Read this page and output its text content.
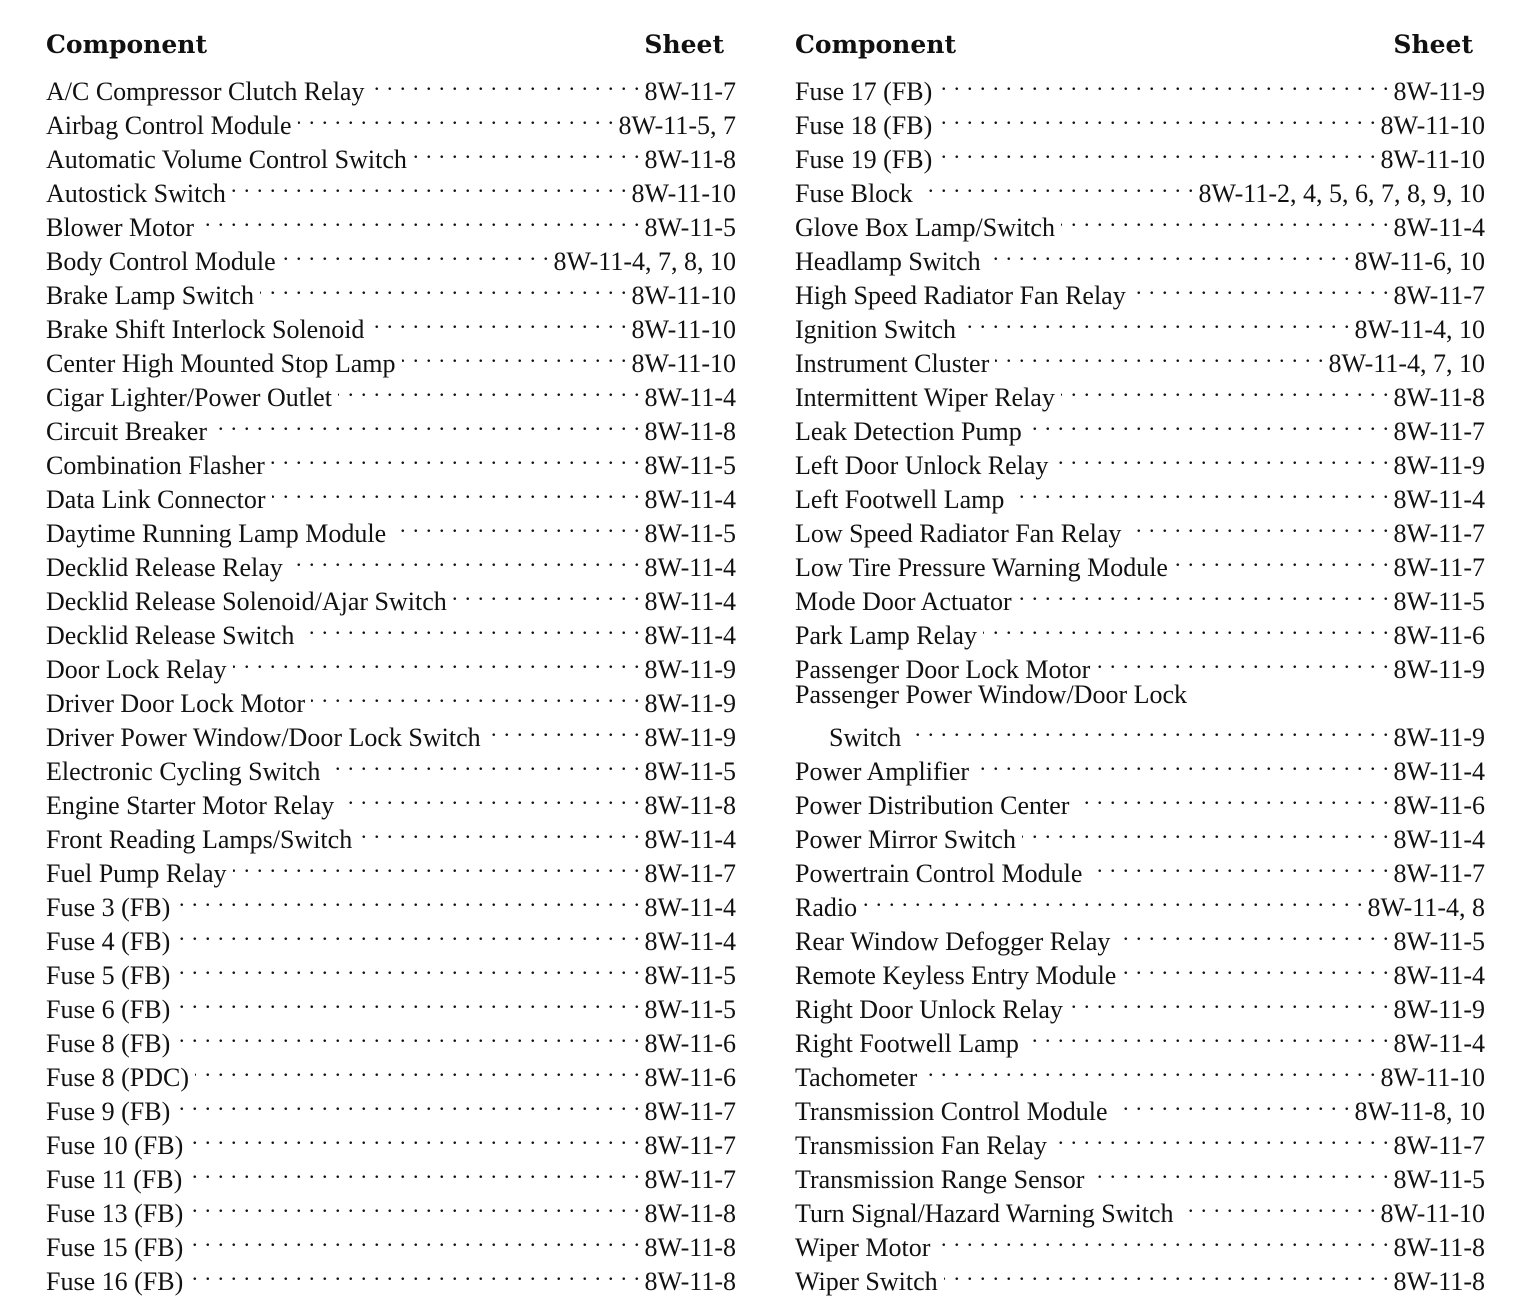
Component	Sheet
A/C Compressor Clutch Relay . . .	8W-11-7
Airbag Control Module . . .	8W-11-5, 7
Automatic Volume Control Switch . . .	8W-11-8
Autostick Switch . . .	8W-11-10
Blower Motor . . .	8W-11-5
Body Control Module . . .	8W-11-4, 7, 8, 10
Brake Lamp Switch . . .	8W-11-10
Brake Shift Interlock Solenoid . . .	8W-11-10
Center High Mounted Stop Lamp . . .	8W-11-10
Cigar Lighter/Power Outlet . . .	8W-11-4
Circuit Breaker . . .	8W-11-8
Combination Flasher . . .	8W-11-5
Data Link Connector . . .	8W-11-4
Daytime Running Lamp Module . . .	8W-11-5
Decklid Release Relay . . .	8W-11-4
Decklid Release Solenoid/Ajar Switch . . .	8W-11-4
Decklid Release Switch . . .	8W-11-4
Door Lock Relay . . .	8W-11-9
Driver Door Lock Motor . . .	8W-11-9
Driver Power Window/Door Lock Switch . . .	8W-11-9
Electronic Cycling Switch . . .	8W-11-5
Engine Starter Motor Relay . . .	8W-11-8
Front Reading Lamps/Switch . . .	8W-11-4
Fuel Pump Relay . . .	8W-11-7
Fuse 3 (FB) . . .	8W-11-4
Fuse 4 (FB) . . .	8W-11-4
Fuse 5 (FB) . . .	8W-11-5
Fuse 6 (FB) . . .	8W-11-5
Fuse 8 (FB) . . .	8W-11-6
Fuse 8 (PDC) . . .	8W-11-6
Fuse 9 (FB) . . .	8W-11-7
Fuse 10 (FB) . . .	8W-11-7
Fuse 11 (FB) . . .	8W-11-7
Fuse 13 (FB) . . .	8W-11-8
Fuse 15 (FB) . . .	8W-11-8
Fuse 16 (FB) . . .	8W-11-8
Component	Sheet
Fuse 17 (FB) . . .	8W-11-9
Fuse 18 (FB) . . .	8W-11-10
Fuse 19 (FB) . . .	8W-11-10
Fuse Block . . .	8W-11-2, 4, 5, 6, 7, 8, 9, 10
Glove Box Lamp/Switch . . .	8W-11-4
Headlamp Switch . . .	8W-11-6, 10
High Speed Radiator Fan Relay . . .	8W-11-7
Ignition Switch . . .	8W-11-4, 10
Instrument Cluster . . .	8W-11-4, 7, 10
Intermittent Wiper Relay . . .	8W-11-8
Leak Detection Pump . . .	8W-11-7
Left Door Unlock Relay . . .	8W-11-9
Left Footwell Lamp . . .	8W-11-4
Low Speed Radiator Fan Relay . . .	8W-11-7
Low Tire Pressure Warning Module . . .	8W-11-7
Mode Door Actuator . . .	8W-11-5
Park Lamp Relay . . .	8W-11-6
Passenger Door Lock Motor . . .	8W-11-9
Passenger Power Window/Door Lock
Switch . . .	8W-11-9
Power Amplifier . . .	8W-11-4
Power Distribution Center . . .	8W-11-6
Power Mirror Switch . . .	8W-11-4
Powertrain Control Module . . .	8W-11-7
Radio . . .	8W-11-4, 8
Rear Window Defogger Relay . . .	8W-11-5
Remote Keyless Entry Module . . .	8W-11-4
Right Door Unlock Relay . . .	8W-11-9
Right Footwell Lamp . . .	8W-11-4
Tachometer . . .	8W-11-10
Transmission Control Module . . .	8W-11-8, 10
Transmission Fan Relay . . .	8W-11-7
Transmission Range Sensor . . .	8W-11-5
Turn Signal/Hazard Warning Switch . . .	8W-11-10
Wiper Motor . . .	8W-11-8
Wiper Switch . . .	8W-11-8
